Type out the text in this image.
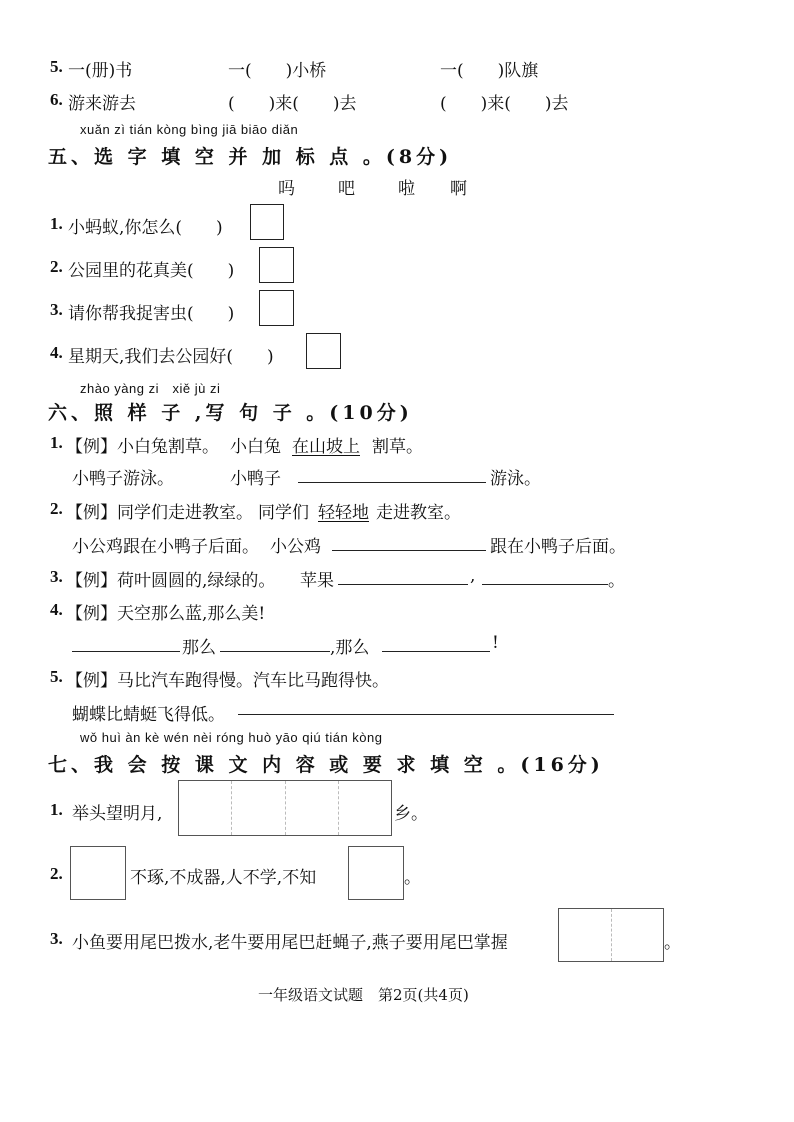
5. 一(册)书	一(　　)小桥	一(　　)队旗
6. 游来游去	(　　)来(　　)去	(　　)来(　　)去
xuǎn zì tián kòng bìng jiā biāo diǎn
五、选 字 填 空 并 加 标 点 。(8分)
吗	吧	啦 啊
1. 小蚂蚁,你怎么(　　)
2. 公园里的花真美(　　)
3. 请你帮我捉害虫(　　)
4. 星期天,我们去公园好(　　)
zhào yàng zi　xiě jù zi
六、照 样 子 ,写 句 子 。(10分)
1. 【例】小白兔割草。 小白兔 在山坡上 割草。
小鸭子游泳。	小鸭子	游泳。
2. 【例】同学们走进教室。 同学们 轻轻地 走进教室。
小公鸡跟在小鸭子后面。 小公鸡	跟在小鸭子后面。
3. 【例】荷叶圆圆的,绿绿的。 苹果	,	。
4. 【例】天空那么蓝,那么美!
那么	,那么	!
5. 【例】马比汽车跑得慢。汽车比马跑得快。
蝴蝶比蜻蜓飞得低。
wǒ huì àn kè wén nèi róng huò yāo qiú tián kòng
七、我 会 按 课 文 内 容 或 要 求 填 空 。(16分)
1. 举头望明月,	乡。
2.	不琢,不成器,人不学,不知	。
3. 小鱼要用尾巴拨水,老牛要用尾巴赶蝇子,燕子要用尾巴掌握	。
一年级语文试题　第2页(共4页)
